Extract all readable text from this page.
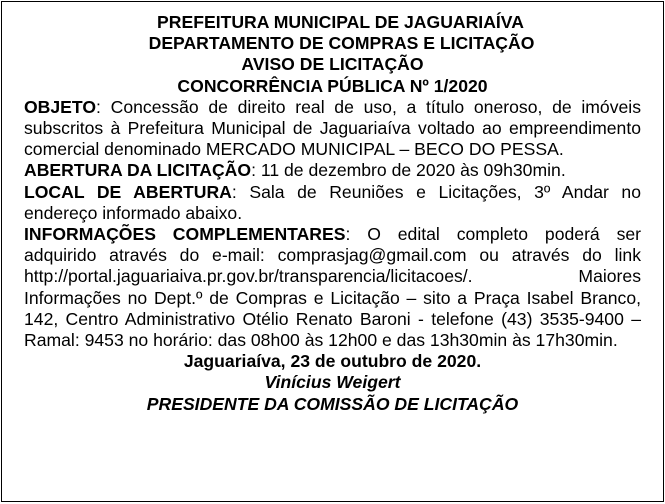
PREFEITURA MUNICIPAL DE JAGUARIAÍVA
DEPARTAMENTO DE COMPRAS E LICITAÇÃO
AVISO DE LICITAÇÃO
CONCORRÊNCIA PÚBLICA Nº 1/2020

OBJETO: Concessão de direito real de uso, a título oneroso, de imóveis subscritos à Prefeitura Municipal de Jaguariaíva voltado ao empreendimento comercial denominado MERCADO MUNICIPAL – BECO DO PESSA.

ABERTURA DA LICITAÇÃO: 11 de dezembro de 2020 às 09h30min.

LOCAL DE ABERTURA: Sala de Reuniões e Licitações, 3º Andar no endereço informado abaixo.

INFORMAÇÕES COMPLEMENTARES: O edital completo poderá ser adquirido através do e-mail: comprasjag@gmail.com ou através do link http://portal.jaguariaiva.pr.gov.br/transparencia/licitacoes/. Maiores Informações no Dept.º de Compras e Licitação – sito a Praça Isabel Branco, 142, Centro Administrativo Otélio Renato Baroni - telefone (43) 3535-9400 – Ramal: 9453 no horário: das 08h00 às 12h00 e das 13h30min às 17h30min.

Jaguariaíva, 23 de outubro de 2020.
Vinícius Weigert
PRESIDENTE DA COMISSÃO DE LICITAÇÃO
